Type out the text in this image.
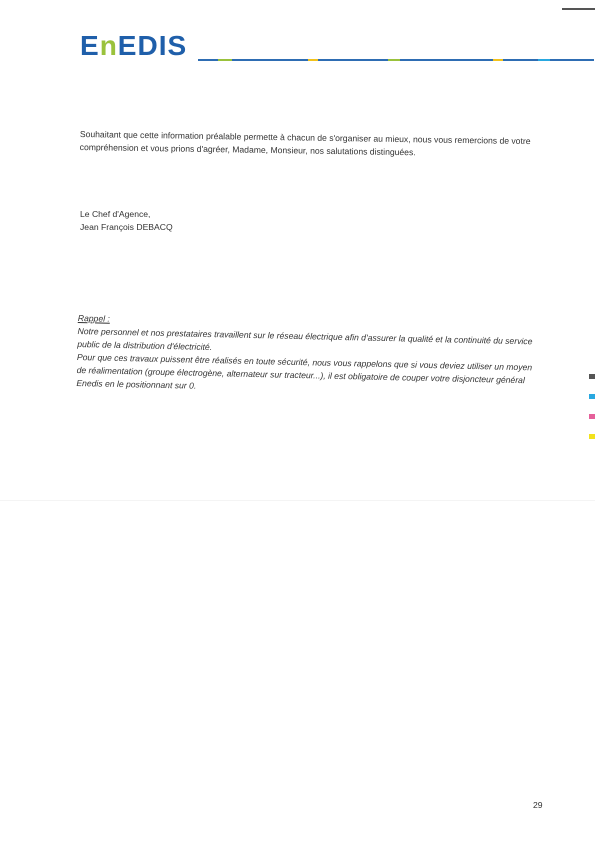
EnEDIS
Souhaitant que cette information préalable permette à chacun de s'organiser au mieux, nous vous remercions de votre compréhension et vous prions d'agréer, Madame, Monsieur, nos salutations distinguées.
Le Chef d'Agence,
Jean François DEBACQ
Rappel :

Notre personnel et nos prestataires travaillent sur le réseau électrique afin d'assurer la qualité et la continuité du service public de la distribution d'électricité.

Pour que ces travaux puissent être réalisés en toute sécurité, nous vous rappelons que si vous deviez utiliser un moyen de réalimentation (groupe électrogène, alternateur sur tracteur...), il est obligatoire de couper votre disjoncteur général Enedis en le positionnant sur 0.

29
